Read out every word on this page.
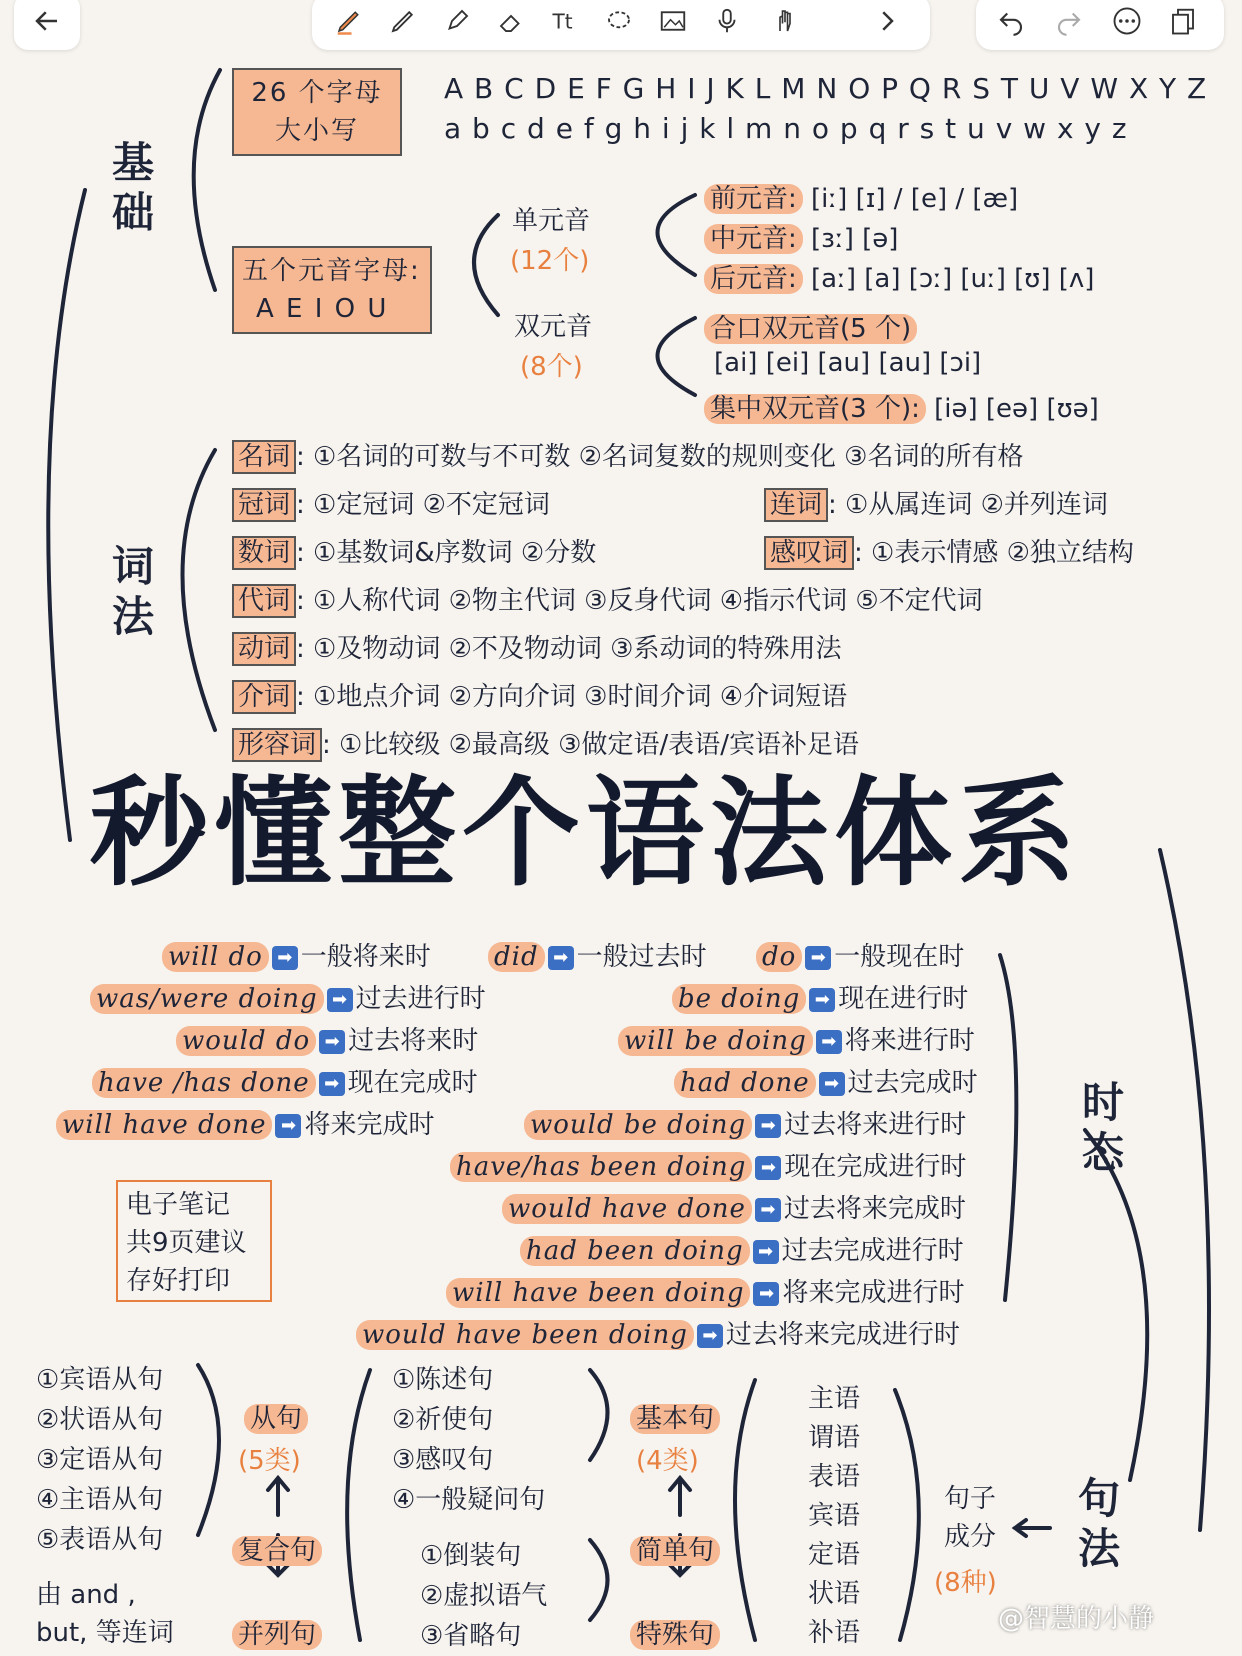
Tt
基础
26 个字母
大小写
A B C D E F G H I J K L M N O P Q R S T U V W X Y Z
a b c d e f g h i j k l m n o p q r s t u v w x y z
五个元音字母:
A E I O U
单元音
(12个)
双元音
(8个)
前元音: [iː] [ɪ] / [e] / [æ]
中元音: [ɜː] [ə]
后元音: [aː] [a] [ɔː] [uː] [ʊ] [ʌ]
合口双元音(5 个)
[ai] [ei] [au] [au] [ɔi]
集中双元音(3 个): [iə] [eə] [ʊə]
词法
名词 : ①名词的可数与不可数 ②名词复数的规则变化 ③名词的所有格
冠词 : ①定冠词 ②不定冠词	连词 : ①从属连词 ②并列连词
数词 : ①基数词&序数词 ②分数	感叹词 : ①表示情感 ②独立结构
代词 : ①人称代词 ②物主代词 ③反身代词 ④指示代词 ⑤不定代词
动词 : ①及物动词 ②不及物动词 ③系动词的特殊用法
介词 : ①地点介词 ②方向介词 ③时间介词 ④介词短语
形容词 : ①比较级 ②最高级 ③做定语/表语/宾语补足语
秒懂整个语法体系
时态
will do ➡ 一般将来时 did ➡ 一般过去时 do ➡ 一般现在时
was/were doing ➡ 过去进行时	be doing ➡ 现在进行时
would do ➡ 过去将来时	will be doing ➡ 将来进行时
have /has done ➡ 现在完成时	had done ➡ 过去完成时
will have done ➡ 将来完成时	would be doing ➡ 过去将来进行时
have/has been doing ➡ 现在完成进行时
would have done ➡ 过去将来完成时
had been doing ➡ 过去完成进行时
will have been doing ➡ 将来完成进行时
would have been doing ➡ 过去将来完成进行时
电子笔记
共9页建议
存好打印
句法
①宾语从句
②状语从句
③定语从句
④主语从句
⑤表语从句
从句
(5类)
复合句
由 and ,
but, 等连词 并列句
①陈述句
②祈使句
③感叹句
④一般疑问句
基本句
(4类)
简单句
①倒装句
②虚拟语气
③省略句	特殊句
主语
谓语
表语
宾语
定语
状语
补语
句子
成分
(8种)
@智慧的小静
